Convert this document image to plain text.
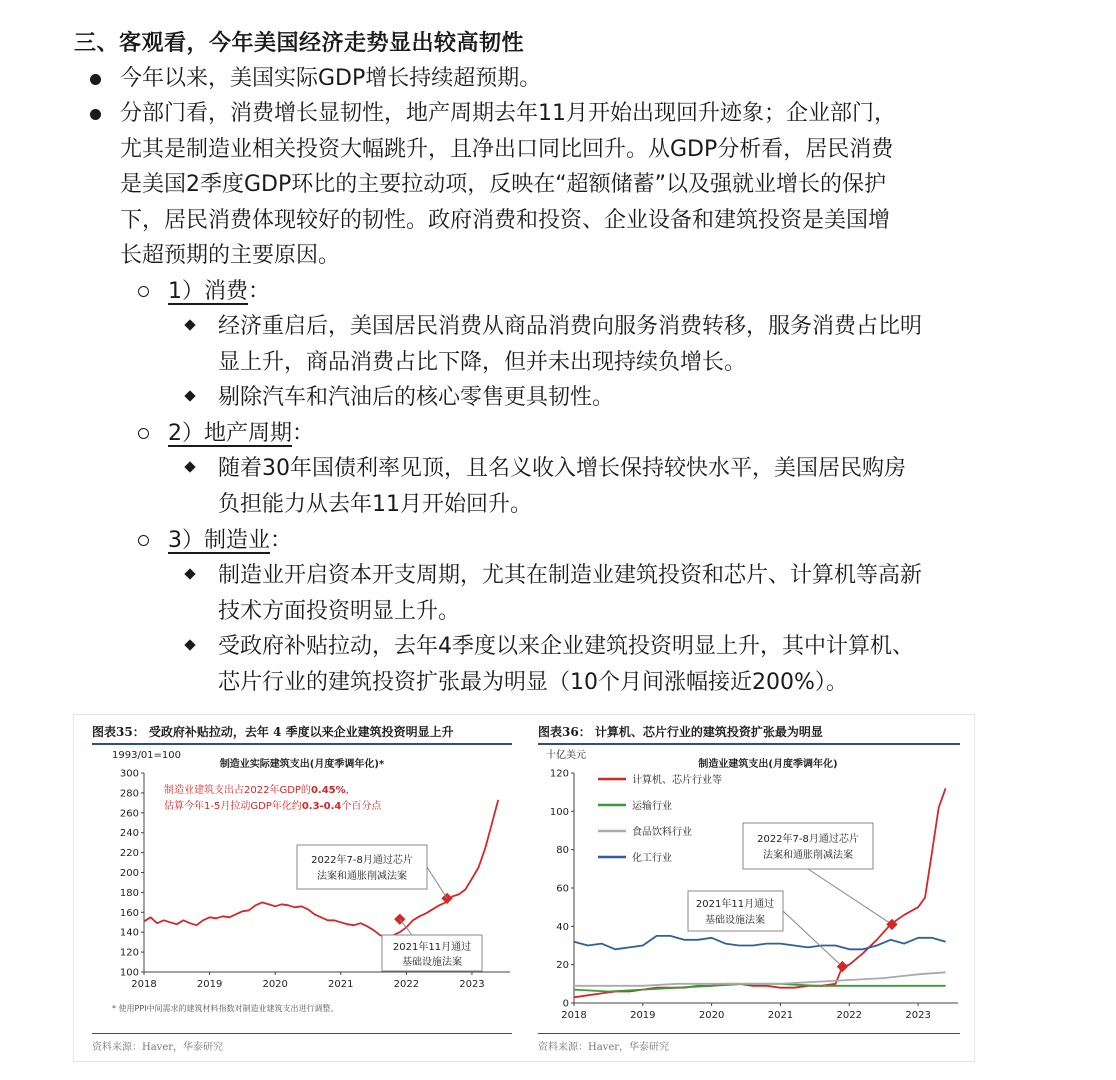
三、客观看，今年美国经济走势显出较高韧性
今年以来，美国实际GDP增长持续超预期。
分部门看，消费增长显韧性，地产周期去年11月开始出现回升迹象；企业部门，
尤其是制造业相关投资大幅跳升，且净出口同比回升。从GDP分析看，居民消费
是美国2季度GDP环比的主要拉动项，反映在“超额储蓄”以及强就业增长的保护
下，居民消费体现较好的韧性。政府消费和投资、企业设备和建筑投资是美国增
长超预期的主要原因。
1）消费：
经济重启后，美国居民消费从商品消费向服务消费转移，服务消费占比明
显上升，商品消费占比下降，但并未出现持续负增长。
剔除汽车和汽油后的核心零售更具韧性。
2）地产周期：
随着30年国债利率见顶，且名义收入增长保持较快水平，美国居民购房
负担能力从去年11月开始回升。
3）制造业：
制造业开启资本开支周期，尤其在制造业建筑投资和芯片、计算机等高新
技术方面投资明显上升。
受政府补贴拉动，去年4季度以来企业建筑投资明显上升，其中计算机、
芯片行业的建筑投资扩张最为明显（10个月间涨幅接近200%）。
图表35： 受政府补贴拉动，去年 4 季度以来企业建筑投资明显上升
1993/01=100
制造业实际建筑支出(月度季调年化)*
100
120
140
160
180
200
220
240
260
280
300
2018	2019	2020	2021	2022	2023
制造业建筑支出占2022年GDP的0.45%，
估算今年1-5月拉动GDP年化约0.3-0.4个百分点
2022年7-8月通过芯片
法案和通胀削减法案
2021年11月通过
基础设施法案
* 使用PPI中间需求的建筑材料指数对制造业建筑支出进行调整。
资料来源：Haver，华泰研究
图表36： 计算机、芯片行业的建筑投资扩张最为明显
十亿美元
制造业建筑支出(月度季调年化)
0
20
40
60
80
100
120
2018	2019	2020	2021	2022	2023
计算机、芯片行业等
运输行业
食品饮料行业
化工行业
2022年7-8月通过芯片
法案和通胀削减法案
2021年11月通过
基础设施法案
资料来源：Haver，华泰研究
